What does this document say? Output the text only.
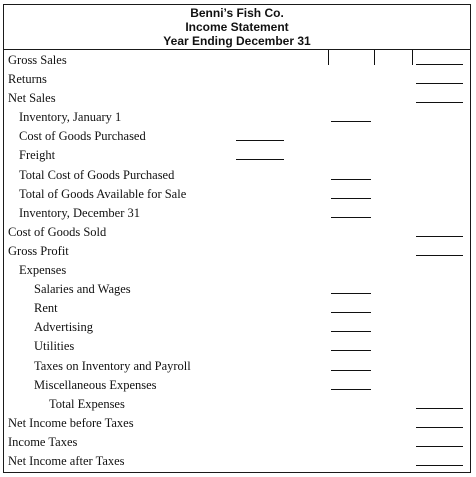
Benni’s Fish Co.
Income Statement
Year Ending December 31
Gross Sales
Returns
Net Sales
Inventory, January 1
Cost of Goods Purchased
Freight
Total Cost of Goods Purchased
Total of Goods Available for Sale
Inventory, December 31
Cost of Goods Sold
Gross Profit
Expenses
Salaries and Wages
Rent
Advertising
Utilities
Taxes on Inventory and Payroll
Miscellaneous Expenses
Total Expenses
Net Income before Taxes
Income Taxes
Net Income after Taxes
